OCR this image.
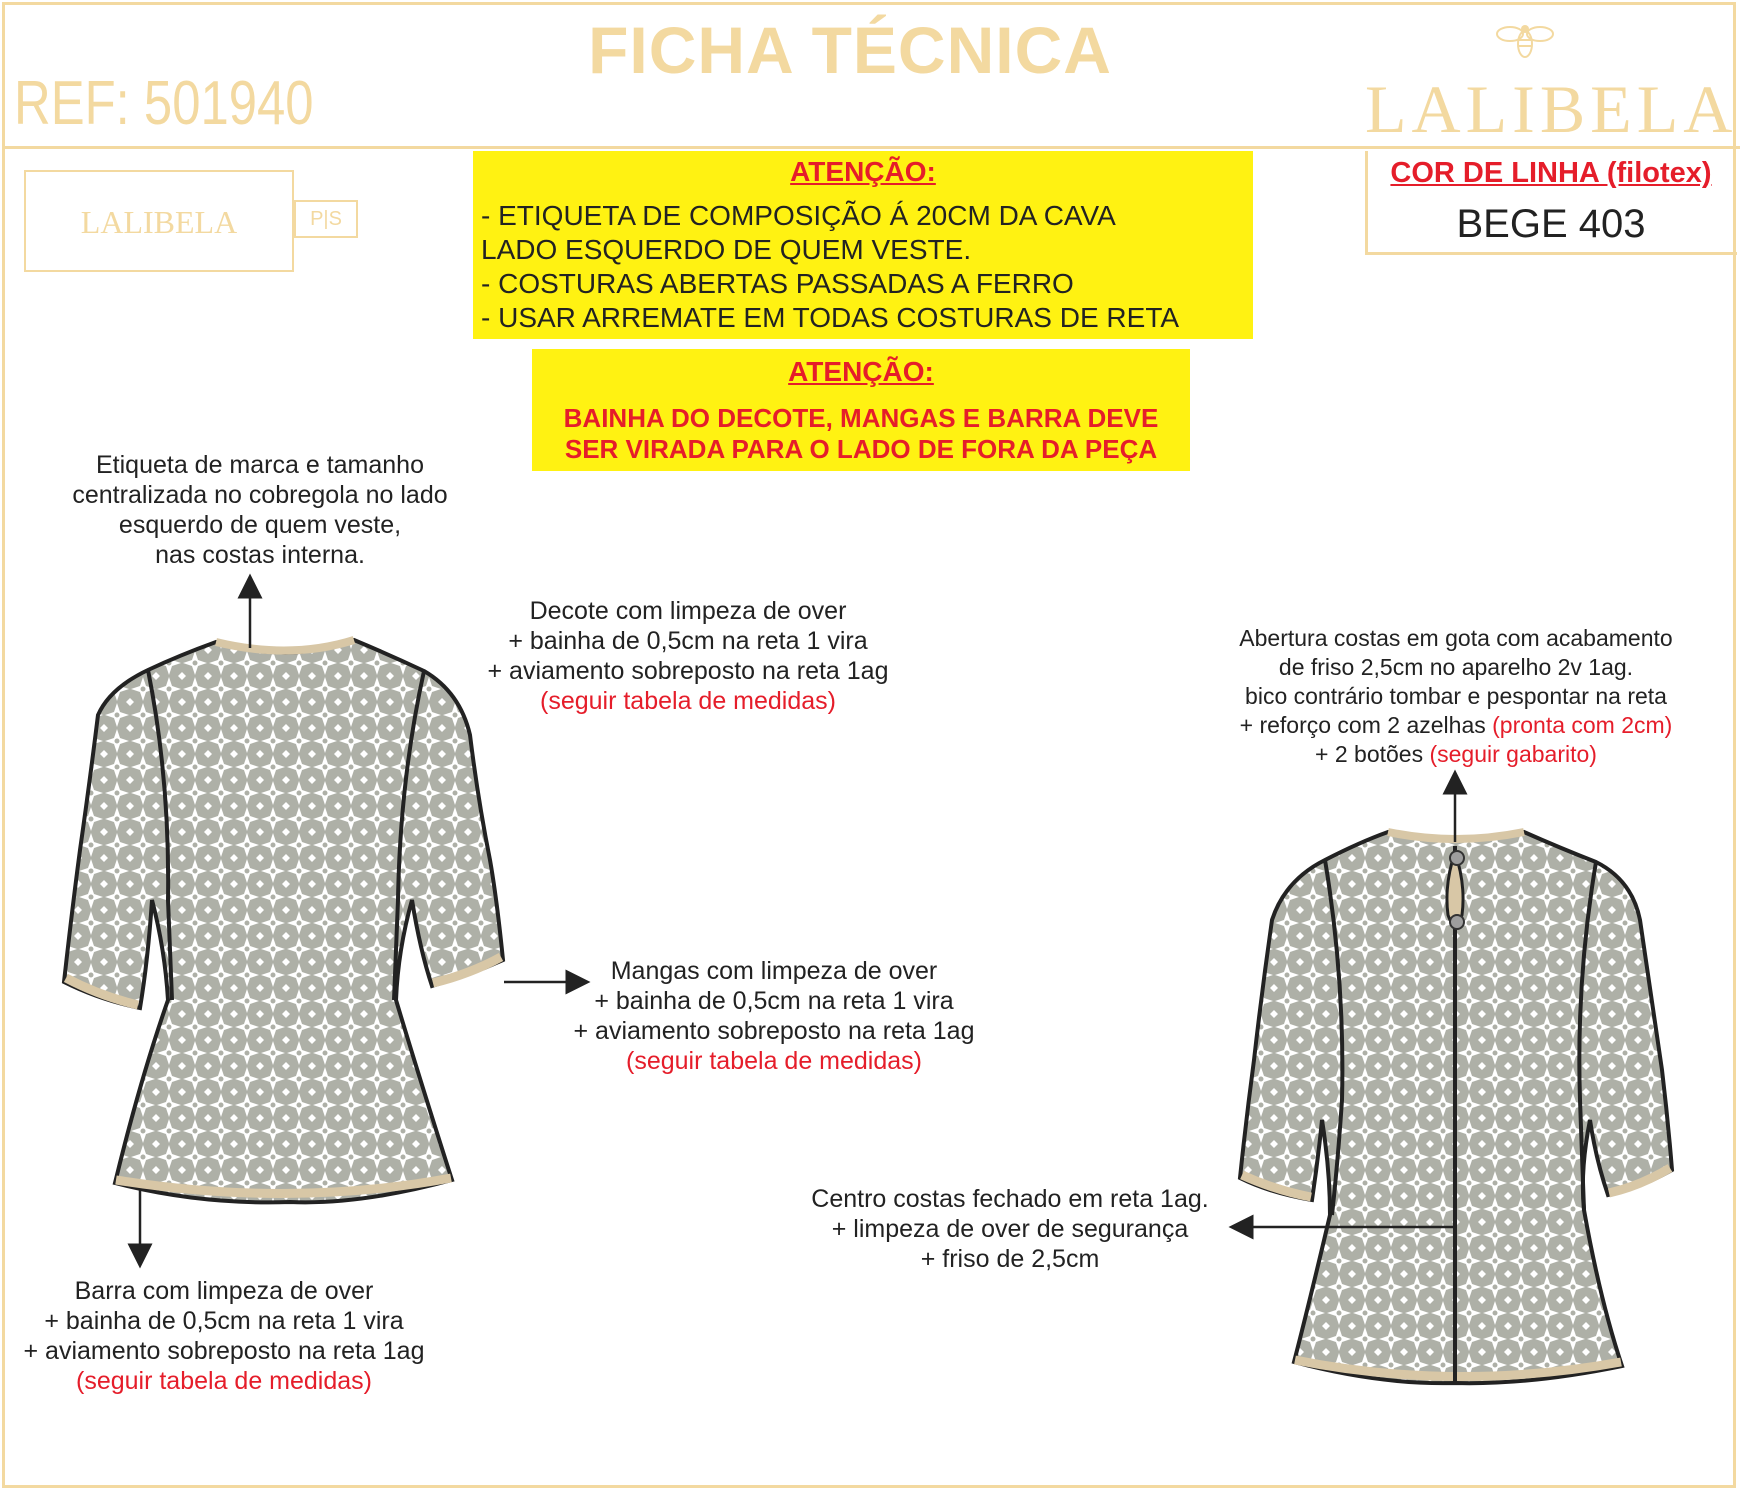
FICHA TÉCNICA
REF: 501940	LALIBELA
LALIBELA	P|S
ATENÇÃO:
- ETIQUETA DE COMPOSIÇÃO Á 20CM DA CAVA
LADO ESQUERDO DE QUEM VESTE.
- COSTURAS ABERTAS PASSADAS A FERRO
- USAR ARREMATE EM TODAS COSTURAS DE RETA
ATENÇÃO:
BAINHA DO DECOTE, MANGAS E BARRA DEVE
SER VIRADA PARA O LADO DE FORA DA PEÇA
COR DE LINHA (filotex)
BEGE 403
Etiqueta de marca e tamanho
centralizada no cobregola no lado
esquerdo de quem veste,
nas costas interna.
Decote com limpeza de over
+ bainha de 0,5cm na reta 1 vira
+ aviamento sobreposto na reta 1ag
(seguir tabela de medidas)
Mangas com limpeza de over
+ bainha de 0,5cm na reta 1 vira
+ aviamento sobreposto na reta 1ag
(seguir tabela de medidas)
Barra com limpeza de over
+ bainha de 0,5cm na reta 1 vira
+ aviamento sobreposto na reta 1ag
(seguir tabela de medidas)
Abertura costas em gota com acabamento
de friso 2,5cm no aparelho 2v 1ag.
bico contrário tombar e pespontar na reta
+ reforço com 2 azelhas (pronta com 2cm)
+ 2 botões (seguir gabarito)
Centro costas fechado em reta 1ag.
+ limpeza de over de segurança
+ friso de 2,5cm
